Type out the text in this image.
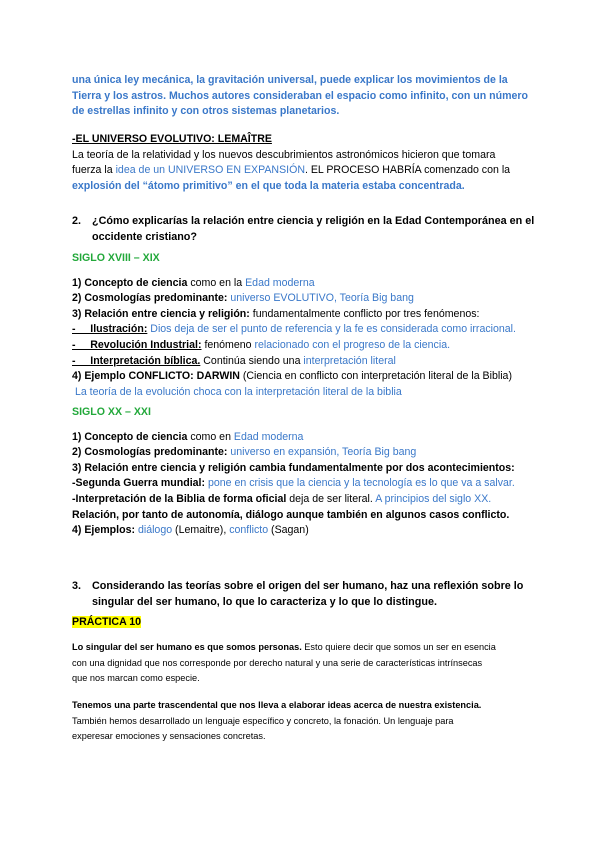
una única ley mecánica, la gravitación universal, puede explicar los movimientos de la
Tierra y los astros. Muchos autores consideraban el espacio como infinito, con un número
de estrellas infinito y con otros sistemas planetarios.
-EL UNIVERSO EVOLUTIVO: LEMAÎTRE
La teoría de la relatividad y los nuevos descubrimientos astronómicos hicieron que tomara
fuerza la idea de un UNIVERSO EN EXPANSIÓN. EL PROCESO HABRÍA comenzado con la
explosión del “átomo primitivo” en el que toda la materia estaba concentrada.
2. ¿Cómo explicarías la relación entre ciencia y religión en la Edad Contemporánea en el
occidente cristiano?
SIGLO XVIII – XIX
1) Concepto de ciencia como en la Edad moderna
2) Cosmologías predominante: universo EVOLUTIVO, Teoría Big bang
3) Relación entre ciencia y religión: fundamentalmente conflicto por tres fenómenos:
-     Ilustración: Dios deja de ser el punto de referencia y la fe es considerada como irracional.
-     Revolución Industrial: fenómeno relacionado con el progreso de la ciencia.
-     Interpretación bíblica. Continúa siendo una interpretación literal
4) Ejemplo CONFLICTO: DARWIN (Ciencia en conflicto con interpretación literal de la Biblia)
La teoría de la evolución choca con la interpretación literal de la biblia
SIGLO XX – XXI
1) Concepto de ciencia como en Edad moderna
2) Cosmologías predominante: universo en expansión, Teoría Big bang
3) Relación entre ciencia y religión cambia fundamentalmente por dos acontecimientos:
-Segunda Guerra mundial: pone en crisis que la ciencia y la tecnología es lo que va a salvar.
-Interpretación de la Biblia de forma oficial deja de ser literal. A principios del siglo XX.
Relación, por tanto de autonomía, diálogo aunque también en algunos casos conflicto.
4) Ejemplos: diálogo (Lemaitre), conflicto (Sagan)
3. Considerando las teorías sobre el origen del ser humano, haz una reflexión sobre lo
singular del ser humano, lo que lo caracteriza y lo que lo distingue.
PRÁCTICA 10
Lo singular del ser humano es que somos personas. Esto quiere decir que somos un ser en esencia
con una dignidad que nos corresponde por derecho natural y una serie de características intrínsecas
que nos marcan como especie.
Tenemos una parte trascendental que nos lleva a elaborar ideas acerca de nuestra existencia.
También hemos desarrollado un lenguaje específico y concreto, la fonación. Un lenguaje para
experesar emociones y sensaciones concretas.
